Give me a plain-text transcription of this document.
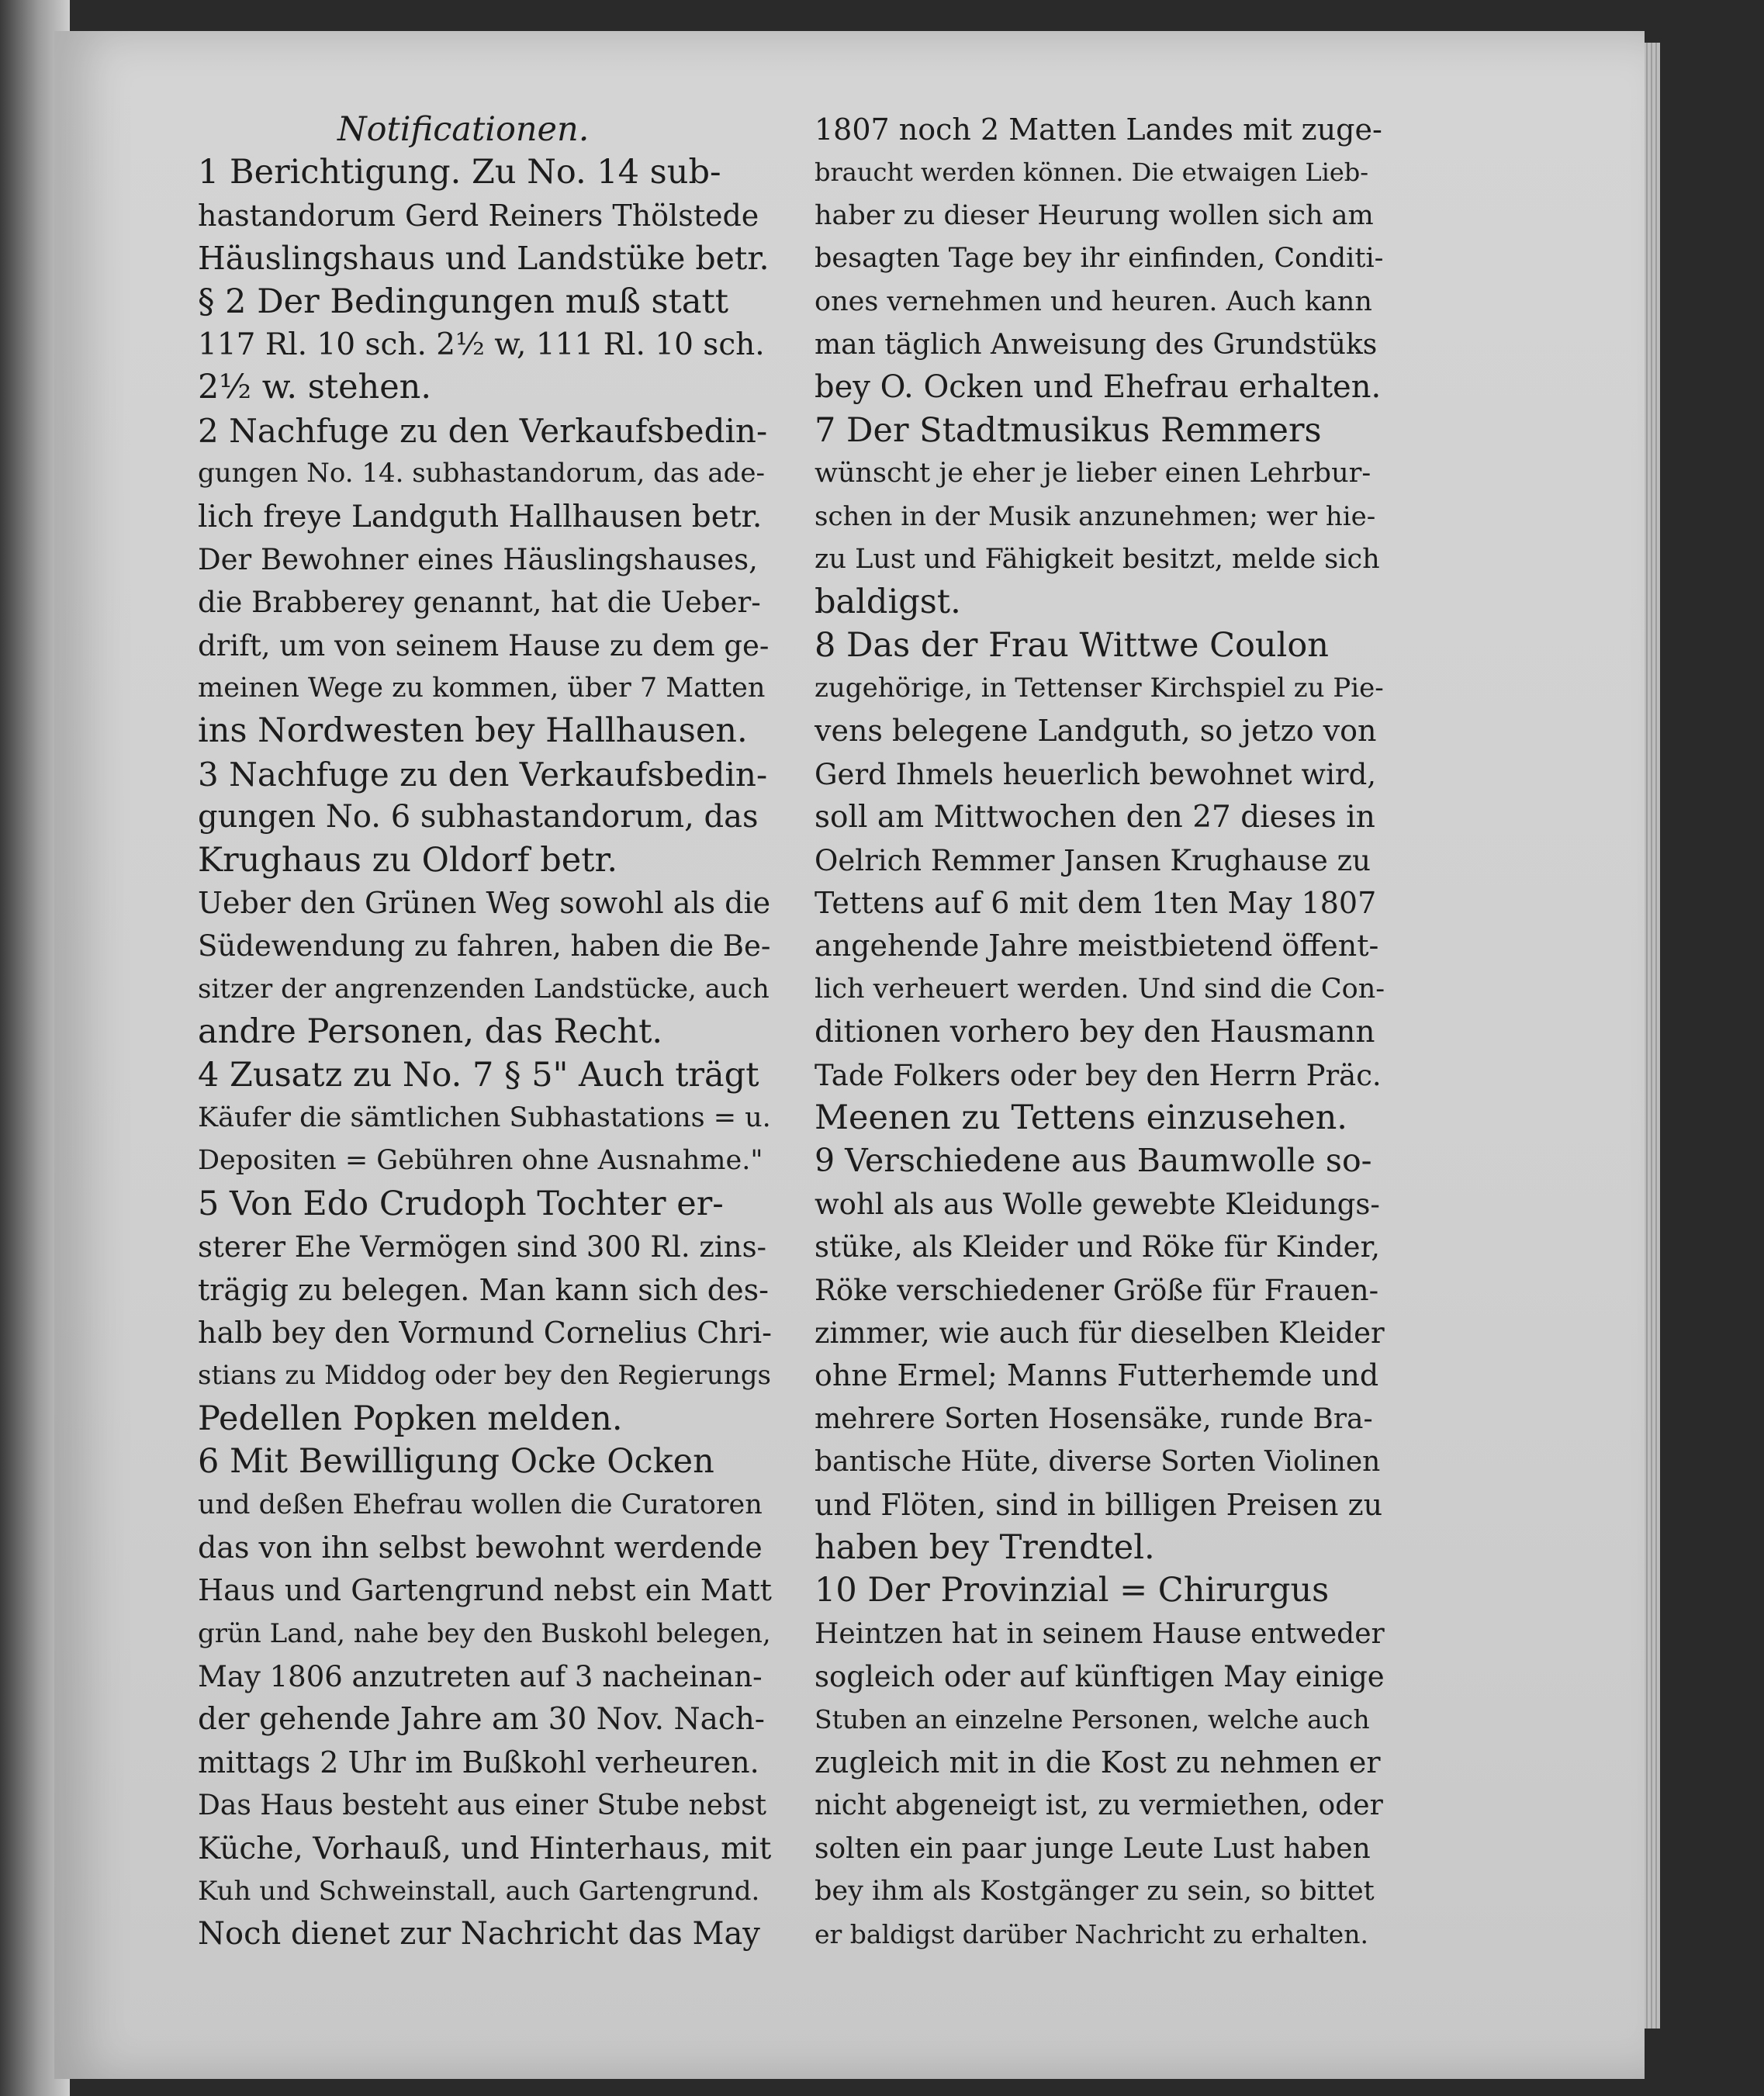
Notificationen.
1 Berichtigung. Zu No. 14 sub-
hastandorum Gerd Reiners Thölstede
Häuslingshaus und Landstüke betr.
§ 2 Der Bedingungen muß statt
117 Rl. 10 sch. 2½ w, 111 Rl. 10 sch.
2½ w. stehen.
2 Nachfuge zu den Verkaufsbedin-
gungen No. 14. subhastandorum, das ade-
lich freye Landguth Hallhausen betr.
Der Bewohner eines Häuslingshauses,
die Brabberey genannt, hat die Ueber-
drift, um von seinem Hause zu dem ge-
meinen Wege zu kommen, über 7 Matten
ins Nordwesten bey Hallhausen.
3 Nachfuge zu den Verkaufsbedin-
gungen No. 6 subhastandorum, das
Krughaus zu Oldorf betr.
Ueber den Grünen Weg sowohl als die
Südewendung zu fahren, haben die Be-
sitzer der angrenzenden Landstücke, auch
andre Personen, das Recht.
4 Zusatz zu No. 7 § 5" Auch trägt
Käufer die sämtlichen Subhastations = u.
Depositen = Gebühren ohne Ausnahme."
5 Von Edo Crudoph Tochter er-
sterer Ehe Vermögen sind 300 Rl. zins-
trägig zu belegen. Man kann sich des-
halb bey den Vormund Cornelius Chri-
stians zu Middog oder bey den Regierungs
Pedellen Popken melden.
6 Mit Bewilligung Ocke Ocken
und deßen Ehefrau wollen die Curatoren
das von ihn selbst bewohnt werdende
Haus und Gartengrund nebst ein Matt
grün Land, nahe bey den Buskohl belegen,
May 1806 anzutreten auf 3 nacheinan-
der gehende Jahre am 30 Nov. Nach-
mittags 2 Uhr im Bußkohl verheuren.
Das Haus besteht aus einer Stube nebst
Küche, Vorhauß, und Hinterhaus, mit
Kuh und Schweinstall, auch Gartengrund.
Noch dienet zur Nachricht das May
1807 noch 2 Matten Landes mit zuge-
braucht werden können. Die etwaigen Lieb-
haber zu dieser Heurung wollen sich am
besagten Tage bey ihr einfinden, Conditi-
ones vernehmen und heuren. Auch kann
man täglich Anweisung des Grundstüks
bey O. Ocken und Ehefrau erhalten.
7 Der Stadtmusikus Remmers
wünscht je eher je lieber einen Lehrbur-
schen in der Musik anzunehmen; wer hie-
zu Lust und Fähigkeit besitzt, melde sich
baldigst.
8 Das der Frau Wittwe Coulon
zugehörige, in Tettenser Kirchspiel zu Pie-
vens belegene Landguth, so jetzo von
Gerd Ihmels heuerlich bewohnet wird,
soll am Mittwochen den 27 dieses in
Oelrich Remmer Jansen Krughause zu
Tettens auf 6 mit dem 1ten May 1807
angehende Jahre meistbietend öffent-
lich verheuert werden. Und sind die Con-
ditionen vorhero bey den Hausmann
Tade Folkers oder bey den Herrn Präc.
Meenen zu Tettens einzusehen.
9 Verschiedene aus Baumwolle so-
wohl als aus Wolle gewebte Kleidungs-
stüke, als Kleider und Röke für Kinder,
Röke verschiedener Größe für Frauen-
zimmer, wie auch für dieselben Kleider
ohne Ermel; Manns Futterhemde und
mehrere Sorten Hosensäke, runde Bra-
bantische Hüte, diverse Sorten Violinen
und Flöten, sind in billigen Preisen zu
haben bey Trendtel.
10 Der Provinzial = Chirurgus
Heintzen hat in seinem Hause entweder
sogleich oder auf künftigen May einige
Stuben an einzelne Personen, welche auch
zugleich mit in die Kost zu nehmen er
nicht abgeneigt ist, zu vermiethen, oder
solten ein paar junge Leute Lust haben
bey ihm als Kostgänger zu sein, so bittet
er baldigst darüber Nachricht zu erhalten.
